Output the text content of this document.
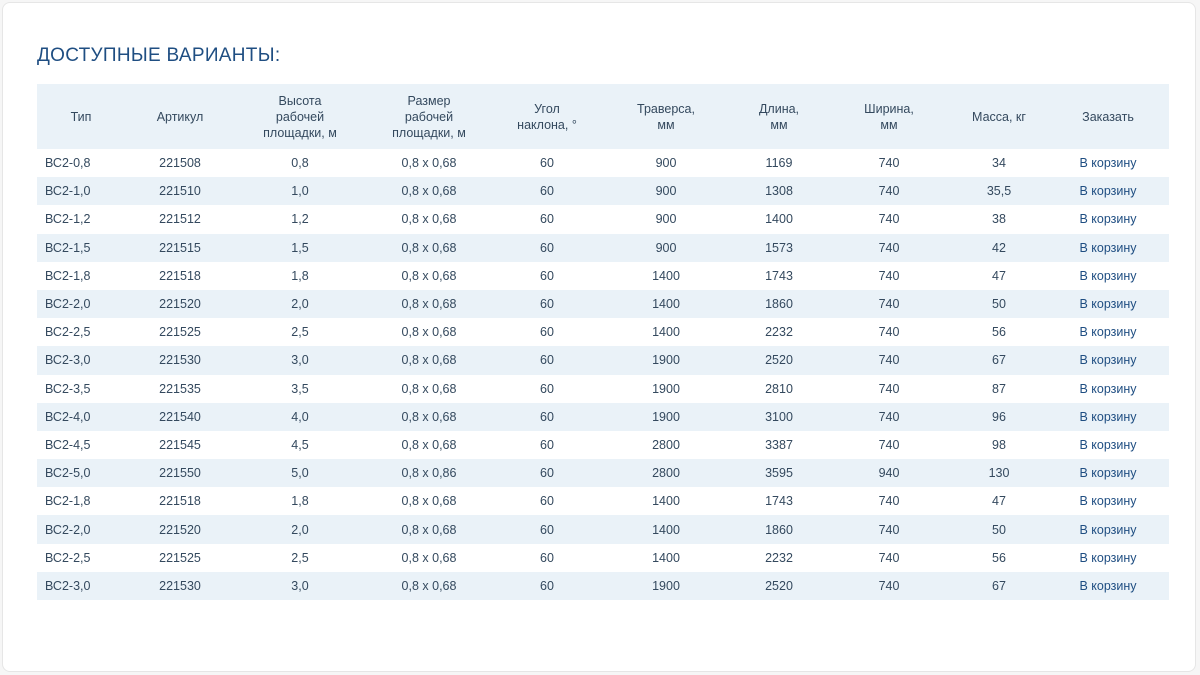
ДОСТУПНЫЕ ВАРИАНТЫ:
Тип	Артикул	Высота
рабочей
площадки, м	Размер
рабочей
площадки, м	Угол
наклона, °	Траверса,
мм	Длина,
мм	Ширина,
мм	Масса, кг	Заказать

ВС2-0,8	221508	0,8	0,8 х 0,68	60	900	1169	740	34	В корзину
ВС2-1,0	221510	1,0	0,8 х 0,68	60	900	1308	740	35,5	В корзину
ВС2-1,2	221512	1,2	0,8 х 0,68	60	900	1400	740	38	В корзину
ВС2-1,5	221515	1,5	0,8 х 0,68	60	900	1573	740	42	В корзину
ВС2-1,8	221518	1,8	0,8 х 0,68	60	1400	1743	740	47	В корзину
ВС2-2,0	221520	2,0	0,8 х 0,68	60	1400	1860	740	50	В корзину
ВС2-2,5	221525	2,5	0,8 х 0,68	60	1400	2232	740	56	В корзину
ВС2-3,0	221530	3,0	0,8 х 0,68	60	1900	2520	740	67	В корзину
ВС2-3,5	221535	3,5	0,8 х 0,68	60	1900	2810	740	87	В корзину
ВС2-4,0	221540	4,0	0,8 х 0,68	60	1900	3100	740	96	В корзину
ВС2-4,5	221545	4,5	0,8 х 0,68	60	2800	3387	740	98	В корзину
ВС2-5,0	221550	5,0	0,8 х 0,86	60	2800	3595	940	130	В корзину
ВС2-1,8	221518	1,8	0,8 х 0,68	60	1400	1743	740	47	В корзину
ВС2-2,0	221520	2,0	0,8 х 0,68	60	1400	1860	740	50	В корзину
ВС2-2,5	221525	2,5	0,8 х 0,68	60	1400	2232	740	56	В корзину
ВС2-3,0	221530	3,0	0,8 х 0,68	60	1900	2520	740	67	В корзину
